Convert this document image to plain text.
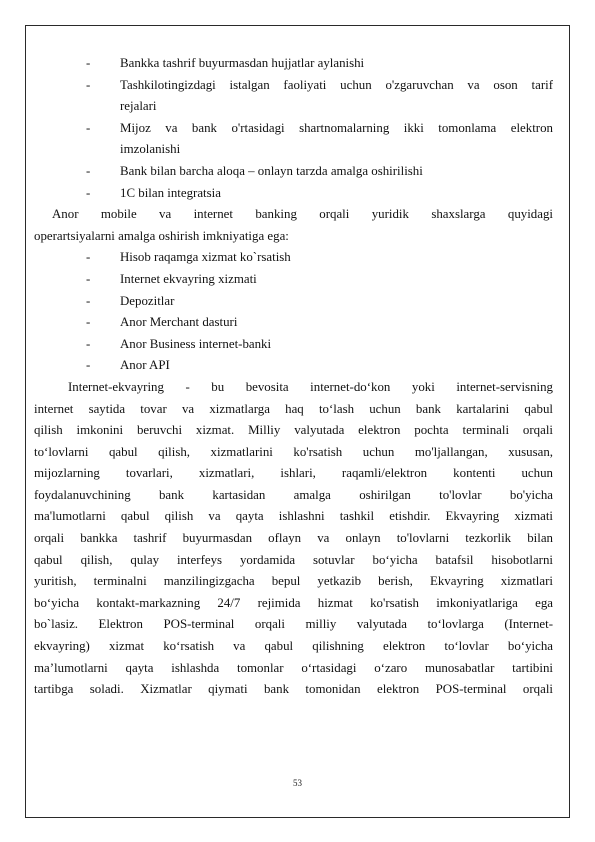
-	Bankka tashrif buyurmasdan hujjatlar aylanishi
-	Tashkilotingizdagi istalgan faoliyati uchun o'zgaruvchan va oson tarif
rejalari
-	Mijoz va bank o'rtasidagi shartnomalarning ikki tomonlama elektron
imzolanishi
-	Bank bilan barcha aloqa – onlayn tarzda amalga oshirilishi
-	1C bilan integratsia
Anor mobile va internet banking orqali yuridik shaxslarga quyidagi
operartsiyalarni amalga oshirish imkniyatiga ega:
-	Hisob raqamga xizmat ko`rsatish
-	Internet ekvayring xizmati
-	Depozitlar
-	Anor Merchant dasturi
-	Anor Business internet-banki
-	Anor API
Internet-ekvayring - bu bevosita internet-do‘kon yoki internet-servisning
internet saytida tovar va xizmatlarga haq to‘lash uchun bank kartalarini qabul
qilish imkonini beruvchi xizmat. Milliy valyutada elektron pochta terminali orqali
to‘lovlarni qabul qilish, xizmatlarini ko'rsatish uchun mo'ljallangan, xususan,
mijozlarning tovarlari, xizmatlari, ishlari, raqamli/elektron kontenti uchun
foydalanuvchining bank kartasidan amalga oshirilgan to'lovlar bo'yicha
ma'lumotlarni qabul qilish va qayta ishlashni tashkil etishdir. Ekvayring xizmati
orqali bankka tashrif buyurmasdan oflayn va onlayn to'lovlarni tezkorlik bilan
qabul qilish, qulay interfeys yordamida sotuvlar bo‘yicha batafsil hisobotlarni
yuritish, terminalni manzilingizgacha bepul yetkazib berish, Ekvayring xizmatlari
bo‘yicha kontakt-markazning 24/7 rejimida hizmat ko'rsatish imkoniyatlariga ega
bo`lasiz. Elektron POS-terminal orqali milliy valyutada to‘lovlarga (Internet-
ekvayring) xizmat ko‘rsatish va qabul qilishning elektron to‘lovlar bo‘yicha
ma’lumotlarni qayta ishlashda tomonlar o‘rtasidagi o‘zaro munosabatlar tartibini
tartibga soladi. Xizmatlar qiymati bank tomonidan elektron POS-terminal orqali
53
